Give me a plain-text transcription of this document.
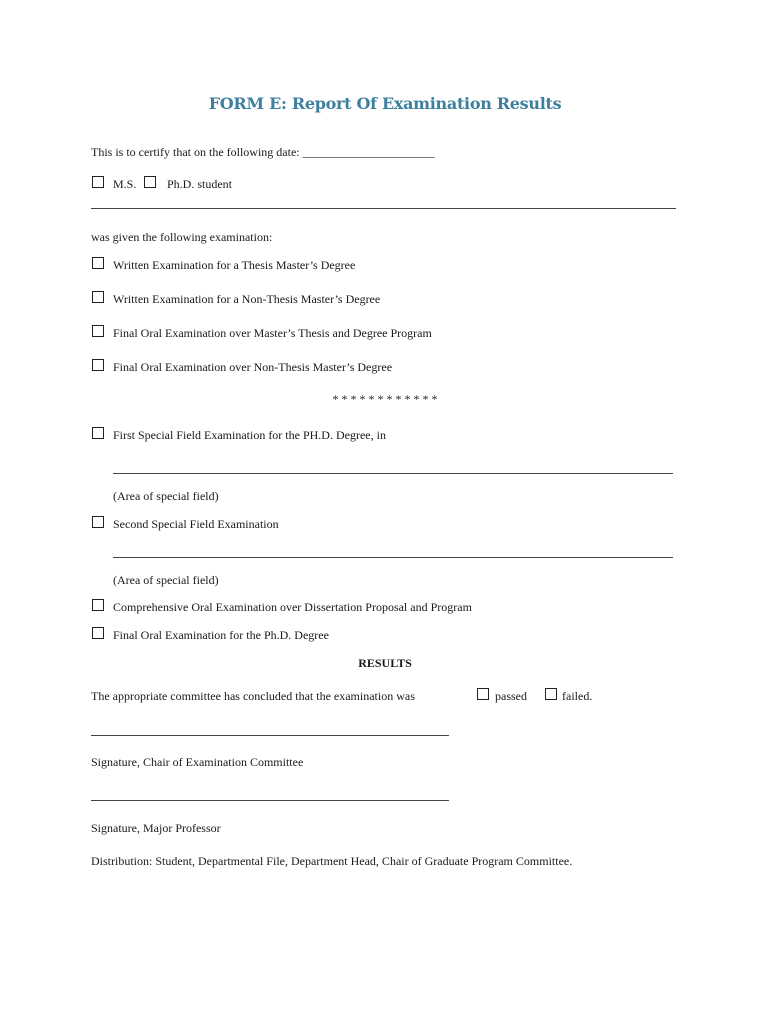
FORM E: Report Of Examination Results
This is to certify that on the following date: ______________________
M.S.	Ph.D. student
was given the following examination:
Written Examination for a Thesis Master’s Degree
Written Examination for a Non-Thesis Master’s Degree
Final Oral Examination over Master’s Thesis and Degree Program
Final Oral Examination over Non-Thesis Master’s Degree
* * * * * * * * * * * *
First Special Field Examination for the PH.D. Degree, in
(Area of special field)
Second Special Field Examination
(Area of special field)
Comprehensive Oral Examination over Dissertation Proposal and Program
Final Oral Examination for the Ph.D. Degree
RESULTS
The appropriate committee has concluded that the examination was	passed	failed.
Signature, Chair of Examination Committee
Signature, Major Professor
Distribution: Student, Departmental File, Department Head, Chair of Graduate Program Committee.
